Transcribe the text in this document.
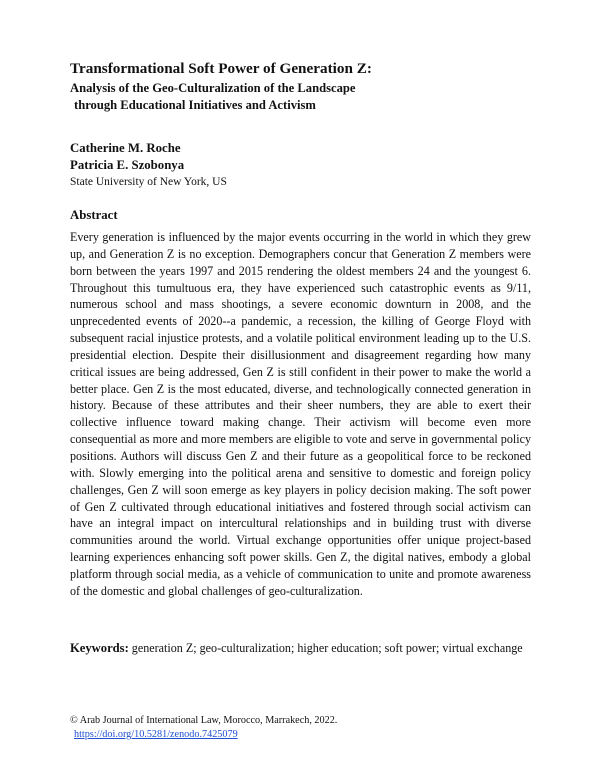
Transformational Soft Power of Generation Z:
Analysis of the Geo-Culturalization of the Landscape
through Educational Initiatives and Activism
Catherine M. Roche
Patricia E. Szobonya
State University of New York, US
Abstract

Every generation is influenced by the major events occurring in the world in which they grew up, and Generation Z is no exception. Demographers concur that Generation Z members were born between the years 1997 and 2015 rendering the oldest members 24 and the youngest 6. Throughout this tumultuous era, they have experienced such catastrophic events as 9/11, numerous school and mass shootings, a severe economic downturn in 2008, and the unprecedented events of 2020--a pandemic, a recession, the killing of George Floyd with subsequent racial injustice protests, and a volatile political environment leading up to the U.S. presidential election. Despite their disillusionment and disagreement regarding how many critical issues are being addressed, Gen Z is still confident in their power to make the world a better place. Gen Z is the most educated, diverse, and technologically connected generation in history. Because of these attributes and their sheer numbers, they are able to exert their collective influence toward making change. Their activism will become even more consequential as more and more members are eligible to vote and serve in governmental policy positions. Authors will discuss Gen Z and their future as a geopolitical force to be reckoned with. Slowly emerging into the political arena and sensitive to domestic and foreign policy challenges, Gen Z will soon emerge as key players in policy decision making. The soft power of Gen Z cultivated through educational initiatives and fostered through social activism can have an integral impact on intercultural relationships and in building trust with diverse communities around the world. Virtual exchange opportunities offer unique project-based learning experiences enhancing soft power skills. Gen Z, the digital natives, embody a global platform through social media, as a vehicle of communication to unite and promote awareness of the domestic and global challenges of geo-culturalization.

Keywords: generation Z; geo-culturalization; higher education; soft power; virtual exchange

© Arab Journal of International Law, Morocco, Marrakech, 2022.
https://doi.org/10.5281/zenodo.7425079
